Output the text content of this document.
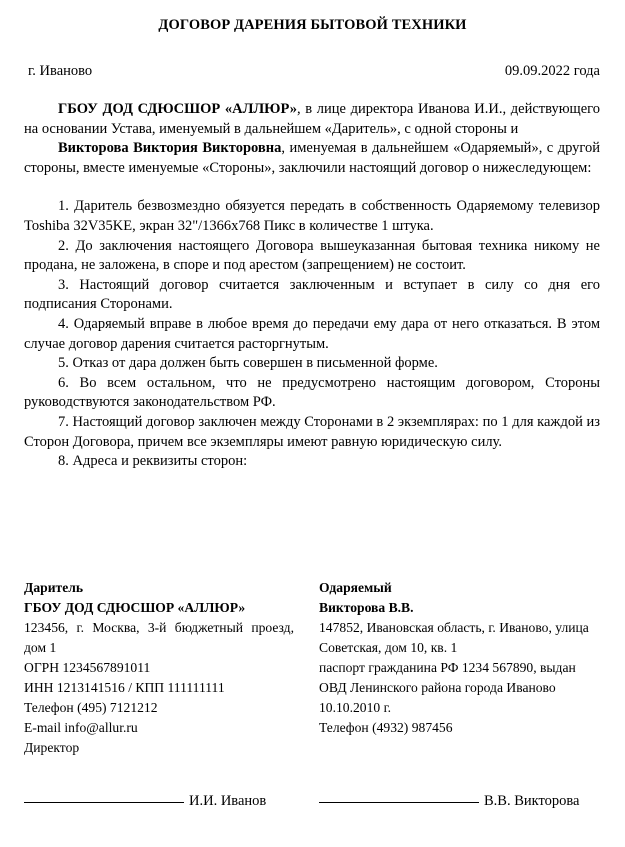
ДОГОВОР ДАРЕНИЯ БЫТОВОЙ ТЕХНИКИ
г. Иваново	09.09.2022 года

ГБОУ ДОД СДЮСШОР «АЛЛЮР», в лице директора Иванова И.И., действующего на основании Устава, именуемый в дальнейшем «Даритель», с одной стороны и

Викторова Виктория Викторовна, именуемая в дальнейшем «Одаряемый», с другой стороны, вместе именуемые «Стороны», заключили настоящий договор о нижеследующем:

1. Даритель безвозмездно обязуется передать в собственность Одаряемому телевизор Toshiba 32V35KE, экран 32"/1366х768 Пикс в количестве 1 штука.

2. До заключения настоящего Договора вышеуказанная бытовая техника никому не продана, не заложена, в споре и под арестом (запрещением) не состоит.

3. Настоящий договор считается заключенным и вступает в силу со дня его подписания Сторонами.

4. Одаряемый вправе в любое время до передачи ему дара от него отказаться. В этом случае договор дарения считается расторгнутым.

5. Отказ от дара должен быть совершен в письменной форме.

6. Во всем остальном, что не предусмотрено настоящим договором, Стороны руководствуются законодательством РФ.

7. Настоящий договор заключен между Сторонами в 2 экземплярах: по 1 для каждой из Сторон Договора, причем все экземпляры имеют равную юридическую силу.

8. Адреса и реквизиты сторон:

Даритель
ГБОУ ДОД СДЮСШОР «АЛЛЮР»
123456, г. Москва, 3-й бюджетный проезд, дом 1
ОГРН 1234567891011
ИНН 1213141516 / КПП 111111111
Телефон (495) 7121212
E-mail info@allur.ru
Директор
Одаряемый
Викторова В.В.
147852, Ивановская область, г. Иваново, улица Советская, дом 10, кв. 1
паспорт гражданина РФ 1234 567890, выдан ОВД Ленинского района города Иваново 10.10.2010 г.
Телефон (4932) 987456
И.И. Иванов	В.В. Викторова
